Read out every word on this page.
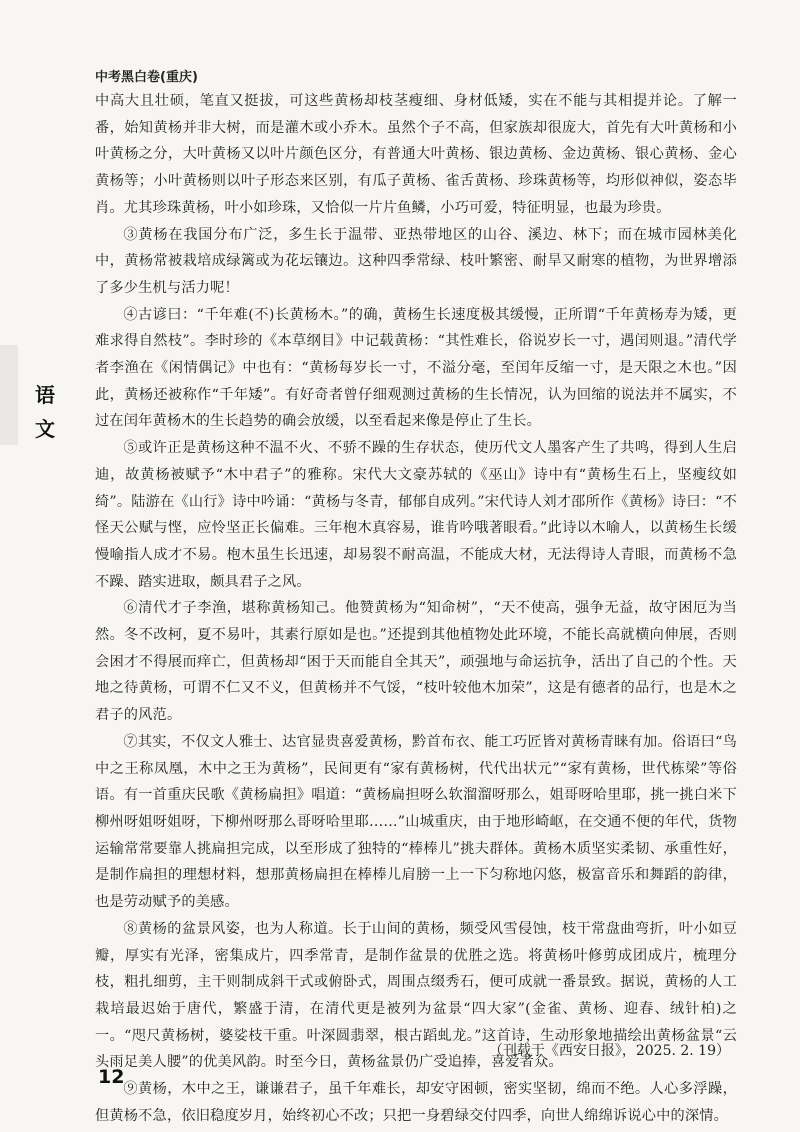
中考黑白卷(重庆)
语
文

中高大且壮硕，笔直又挺拔，可这些黄杨却枝茎瘦细、身材低矮，实在不能与其相提并论。了解一番，始知黄杨并非大树，而是灌木或小乔木。虽然个子不高，但家族却很庞大，首先有大叶黄杨和小叶黄杨之分，大叶黄杨又以叶片颜色区分，有普通大叶黄杨、银边黄杨、金边黄杨、银心黄杨、金心黄杨等；小叶黄杨则以叶子形态来区别，有瓜子黄杨、雀舌黄杨、珍珠黄杨等，均形似神似，姿态毕肖。尤其珍珠黄杨，叶小如珍珠，又恰似一片片鱼鳞，小巧可爱，特征明显，也最为珍贵。

③黄杨在我国分布广泛，多生长于温带、亚热带地区的山谷、溪边、林下；而在城市园林美化中，黄杨常被栽培成绿篱或为花坛镶边。这种四季常绿、枝叶繁密、耐旱又耐寒的植物，为世界增添了多少生机与活力呢！

④古谚曰：“千年难(不)长黄杨木。”的确，黄杨生长速度极其缓慢，正所谓“千年黄杨寿为矮，更难求得自然枝”。李时珍的《本草纲目》中记载黄杨：“其性难长，俗说岁长一寸，遇闰则退。”清代学者李渔在《闲情偶记》中也有：“黄杨每岁长一寸，不溢分毫，至闰年反缩一寸，是天限之木也。”因此，黄杨还被称作“千年矮”。有好奇者曾仔细观测过黄杨的生长情况，认为回缩的说法并不属实，不过在闰年黄杨木的生长趋势的确会放缓，以至看起来像是停止了生长。

⑤或许正是黄杨这种不温不火、不骄不躁的生存状态，使历代文人墨客产生了共鸣，得到人生启迪，故黄杨被赋予“木中君子”的雅称。宋代大文豪苏轼的《巫山》诗中有“黄杨生石上，坚瘦纹如绮”。陆游在《山行》诗中吟诵：“黄杨与冬青，郁郁自成列。”宋代诗人刘才邵所作《黄杨》诗曰：“不怪天公赋与悭，应怜坚正长偏难。三年枹木真容易，谁肯吟哦著眼看。”此诗以木喻人，以黄杨生长缓慢喻指人成才不易。枹木虽生长迅速，却易裂不耐高温，不能成大材，无法得诗人青眼，而黄杨不急不躁、踏实进取，颇具君子之风。

⑥清代才子李渔，堪称黄杨知己。他赞黄杨为“知命树”，“天不使高，强争无益，故守困厄为当然。冬不改柯，夏不易叶，其素行原如是也。”还提到其他植物处此环境，不能长高就横向伸展，否则会困才不得展而痒亡，但黄杨却“困于天而能自全其天”，顽强地与命运抗争，活出了自己的个性。天地之待黄杨，可谓不仁又不义，但黄杨并不气馁，“枝叶较他木加荣”，这是有德者的品行，也是木之君子的风范。

⑦其实，不仅文人雅士、达官显贵喜爱黄杨，黔首布衣、能工巧匠皆对黄杨青睐有加。俗语曰“鸟中之王称凤凰，木中之王为黄杨”，民间更有“家有黄杨树，代代出状元”“家有黄杨，世代栋梁”等俗语。有一首重庆民歌《黄杨扁担》唱道：“黄杨扁担呀么软溜溜呀那么，姐哥呀哈里耶，挑一挑白米下柳州呀姐呀姐呀，下柳州呀那么哥呀哈里耶……”山城重庆，由于地形崎岖，在交通不便的年代，货物运输常常要靠人挑扁担完成，以至形成了独特的“棒棒儿”挑夫群体。黄杨木质坚实柔韧、承重性好，是制作扁担的理想材料，想那黄杨扁担在棒棒儿肩膀一上一下匀称地闪悠，极富音乐和舞蹈的韵律，也是劳动赋予的美感。

⑧黄杨的盆景风姿，也为人称道。长于山间的黄杨，频受风雪侵蚀，枝干常盘曲弯折，叶小如豆瓣，厚实有光泽，密集成片，四季常青，是制作盆景的优胜之选。将黄杨叶修剪成团成片，梳理分枝，粗扎细剪，主干则制成斜干式或俯卧式，周围点缀秀石，便可成就一番景致。据说，黄杨的人工栽培最迟始于唐代，繁盛于清，在清代更是被列为盆景“四大家”(金雀、黄杨、迎春、绒针柏)之一。“咫尺黄杨树，婆娑枝干重。叶深圆翡翠，根古蹈虬龙。”这首诗，生动形象地描绘出黄杨盆景“云头雨足美人腰”的优美风韵。时至今日，黄杨盆景仍广受追捧，喜爱者众。

⑨黄杨，木中之王，谦谦君子，虽千年难长，却安守困顿，密实坚韧，绵而不绝。人心多浮躁，但黄杨不急，依旧稳度岁月，始终初心不改；只把一身碧绿交付四季，向世人绵绵诉说心中的深情。

（刊载于《西安日报》，2025. 2. 19）
12
